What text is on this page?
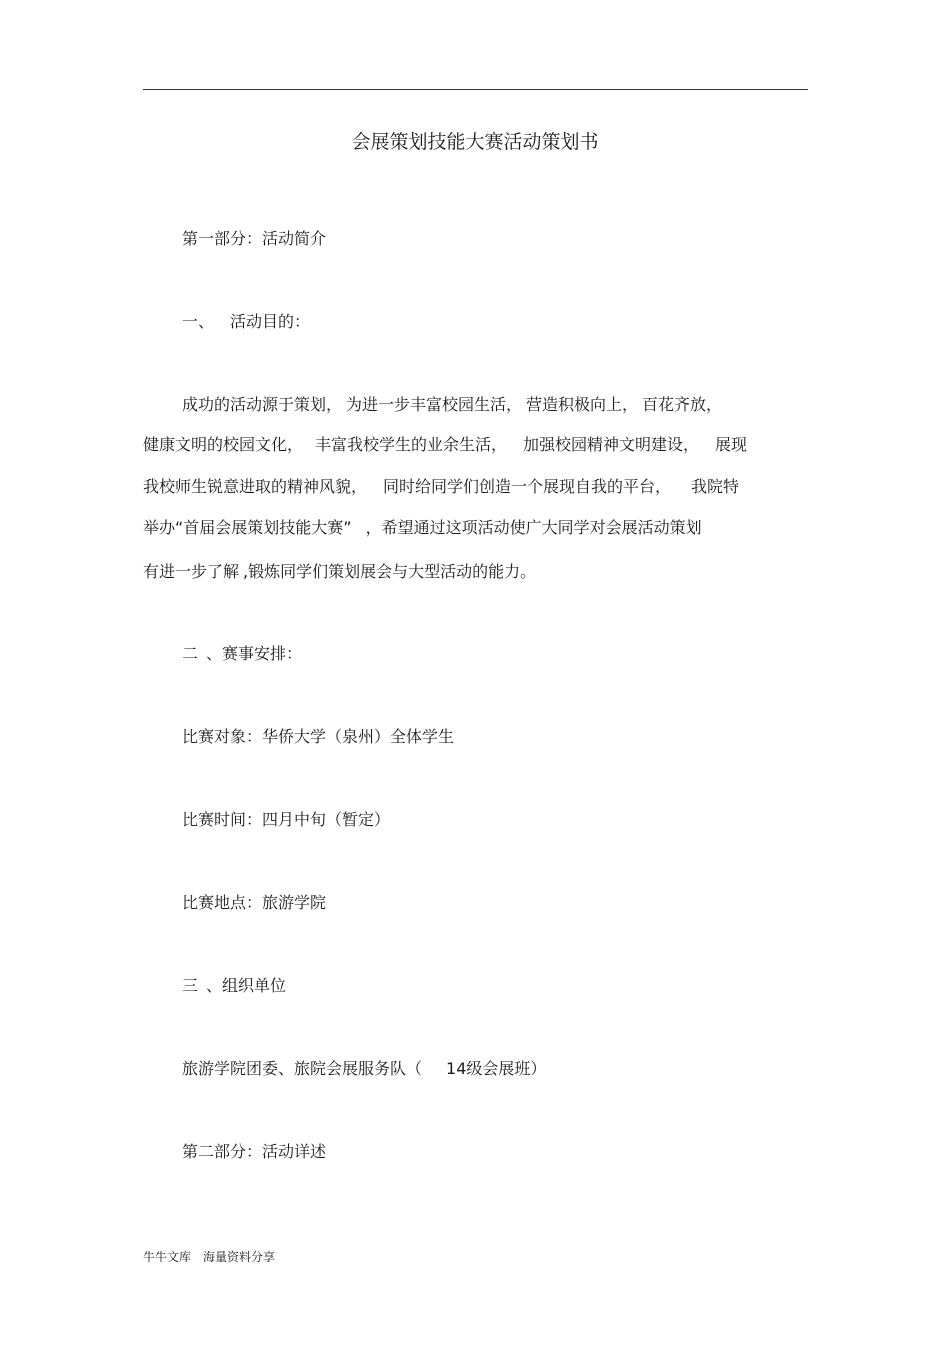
会展策划技能大赛活动策划书
第一部分：活动简介
一、 活动目的：
成功的活动源于策划， 为进一步丰富校园生活， 营造积极向上， 百花齐放，
健康文明的校园文化， 丰富我校学生的业余生活， 加强校园精神文明建设， 展现
我校师生锐意进取的精神风貌， 同时给同学们创造一个展现自我的平台， 我院特
举办“首届会展策划技能大赛” ，希望通过这项活动使广大同学对会展活动策划
有进一步了解 ,锻炼同学们策划展会与大型活动的能力。
二 、赛事安排：
比赛对象：华侨大学（泉州）全体学生
比赛时间：四月中旬（暂定）
比赛地点：旅游学院
三 、组织单位
旅游学院团委、旅院会展服务队（ 14级会展班）
第二部分：活动详述
牛牛文库 海量资料分享
